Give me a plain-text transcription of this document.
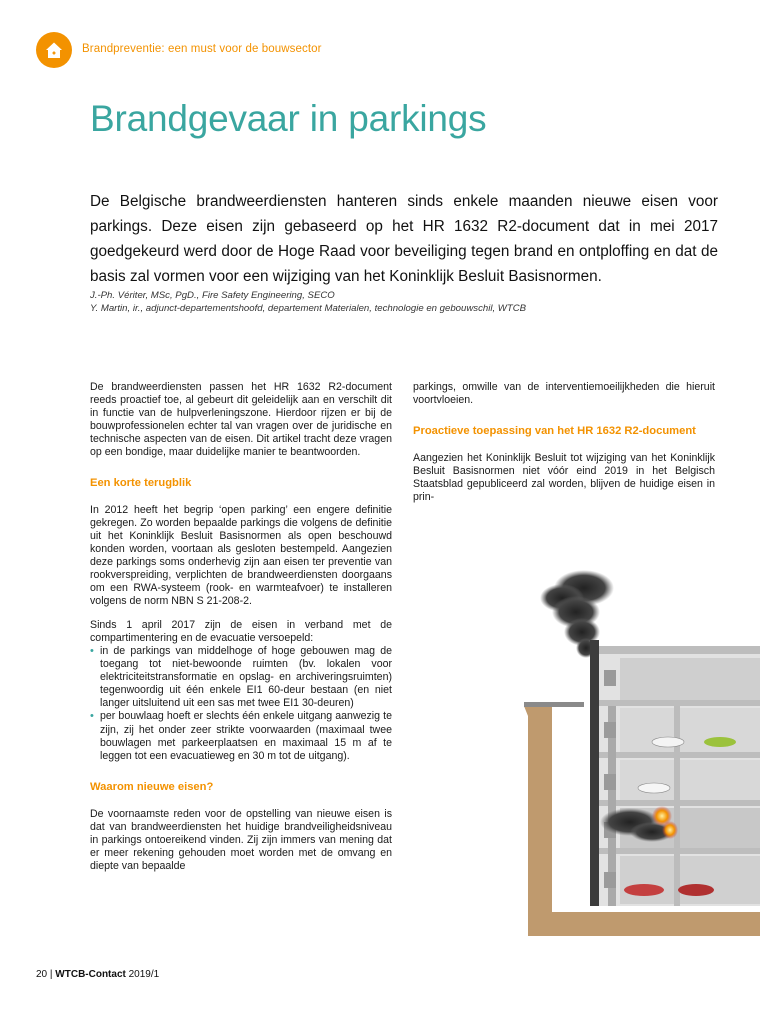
Brandpreventie: een must voor de bouwsector
Brandgevaar in parkings

De Belgische brandweerdiensten hanteren sinds enkele maanden nieuwe eisen voor parkings. Deze eisen zijn gebaseerd op het HR 1632 R2-document dat in mei 2017 goedgekeurd werd door de Hoge Raad voor beveiliging tegen brand en ontploffing en dat de basis zal vormen voor een wijziging van het Koninklijk Besluit Basisnormen.

J.-Ph. Vériter, MSc, PgD., Fire Safety Engineering, SECO
Y. Martin, ir., adjunct-departementshoofd, departement Materialen, technologie en gebouwschil, WTCB

De brandweerdiensten passen het HR 1632 R2-document reeds proactief toe, al gebeurt dit geleidelijk aan en verschilt dit in functie van de hulpverleningszone. Hierdoor rijzen er bij de bouwprofessionelen echter tal van vragen over de juridische en technische aspecten van de eisen. Dit artikel tracht deze vragen op een bondige, maar duidelijke manier te beantwoorden.

Een korte terugblik

In 2012 heeft het begrip ‘open parking’ een engere definitie gekregen. Zo worden bepaalde parkings die volgens de definitie uit het Koninklijk Besluit Basisnormen als open beschouwd konden worden, voortaan als gesloten bestempeld. Aangezien deze parkings soms onderhevig zijn aan eisen ter preventie van rookverspreiding, verplichten de brandweerdiensten doorgaans om een RWA-systeem (rook- en warmteafvoer) te installeren volgens de norm NBN S 21-208-2.

Sinds 1 april 2017 zijn de eisen in verband met de compartimentering en de evacuatie versoepeld:

• in de parkings van middelhoge of hoge gebouwen mag de toegang tot niet-bewoonde ruimten (bv. lokalen voor elektriciteitstransformatie en opslag- en archiveringsruimten) tegenwoordig uit één enkele EI1 60-deur bestaan (en niet langer uitsluitend uit een sas met twee EI1 30-deuren)
• per bouwlaag hoeft er slechts één enkele uitgang aanwezig te zijn, zij het onder zeer strikte voorwaarden (maximaal twee bouwlagen met parkeerplaatsen en maximaal 15 m af te leggen tot een evacuatieweg en 30 m tot de uitgang).
Waarom nieuwe eisen?

De voornaamste reden voor de opstelling van nieuwe eisen is dat van brandweerdiensten het huidige brandveiligheidsniveau in parkings ontoereikend vinden. Zij zijn immers van mening dat er meer rekening gehouden moet worden met de omvang en diepte van bepaalde

parkings, omwille van de interventiemoeilijkheden die hieruit voortvloeien.

Proactieve toepassing van het HR 1632 R2-document

Aangezien het Koninklijk Besluit tot wijziging van het Koninklijk Besluit Basisnormen niet vóór eind 2019 in het Belgisch Staatsblad gepubliceerd zal worden, blijven de huidige eisen in prin-

20 | WTCB-Contact 2019/1
